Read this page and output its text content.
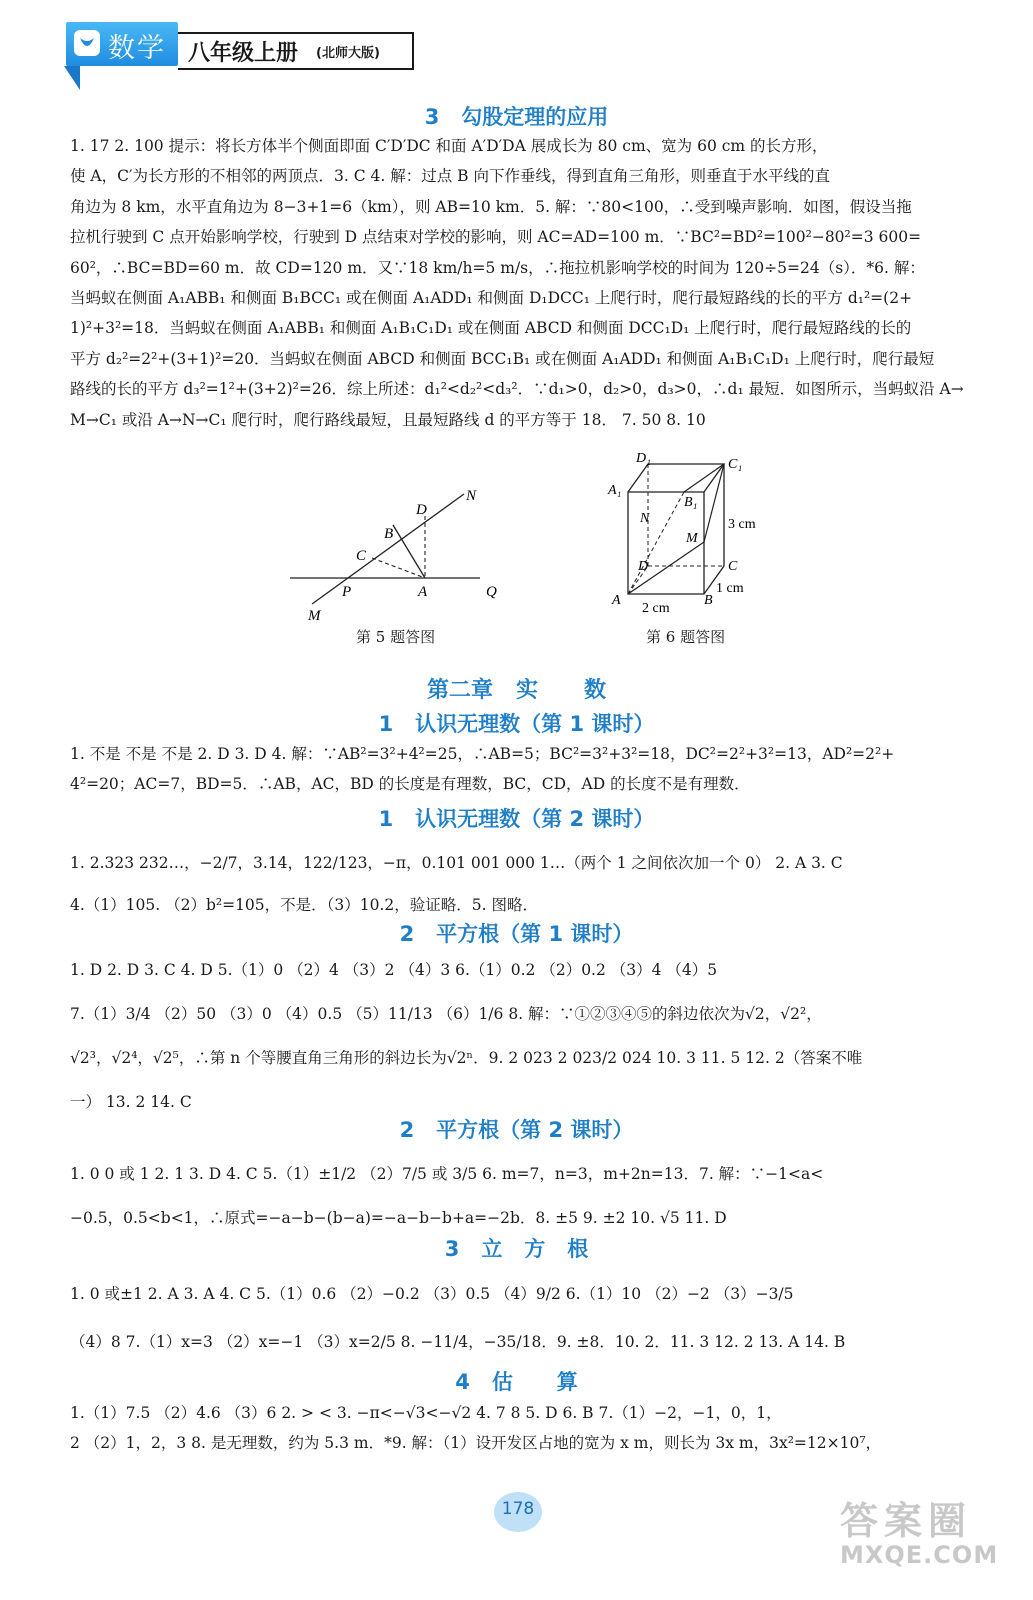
数学 八年级上册 (北师大版)
3   勾股定理的应用
1. 17 2. 100 提示：将长方体半个侧面即面 C′D′DC 和面 A′D′DA 展成长为 80 cm、宽为 60 cm 的长方形，
使 A，C′为长方形的不相邻的两顶点．3. C 4. 解：过点 B 向下作垂线，得到直角三角形，则垂直于水平线的直
角边为 8 km，水平直角边为 8−3+1=6（km），则 AB=10 km．5. 解：∵80<100，∴受到噪声影响．如图，假设当拖
拉机行驶到 C 点开始影响学校，行驶到 D 点结束对学校的影响，则 AC=AD=100 m．∵BC²=BD²=100²−80²=3 600=
60²，∴BC=BD=60 m．故 CD=120 m．又∵18 km/h=5 m/s，∴拖拉机影响学校的时间为 120÷5=24（s）．*6. 解：
当蚂蚁在侧面 A₁ABB₁ 和侧面 B₁BCC₁ 或在侧面 A₁ADD₁ 和侧面 D₁DCC₁ 上爬行时，爬行最短路线的长的平方 d₁²=(2+
1)²+3²=18．当蚂蚁在侧面 A₁ABB₁ 和侧面 A₁B₁C₁D₁ 或在侧面 ABCD 和侧面 DCC₁D₁ 上爬行时，爬行最短路线的长的
平方 d₂²=2²+(3+1)²=20．当蚂蚁在侧面 ABCD 和侧面 BCC₁B₁ 或在侧面 A₁ADD₁ 和侧面 A₁B₁C₁D₁ 上爬行时，爬行最短
路线的长的平方 d₃²=1²+(3+2)²=26．综上所述：d₁²<d₂²<d₃²．∵d₁>0，d₂>0，d₃>0，∴d₁ 最短．如图所示，当蚂蚁沿 A→
M→C₁ 或沿 A→N→C₁ 爬行时，爬行路线最短，且最短路线 d 的平方等于 18． 7. 50 8. 10
N
D
B
C
P	A	Q
M
第 5 题答图
D₁	C₁
A₁
B₁
N
M
D	C
A	B
3 cm
1 cm
2 cm
第 6 题答图
第二章   实      数
1   认识无理数（第 1 课时）
1. 不是 不是 不是 2. D 3. D 4. 解：∵AB²=3²+4²=25，∴AB=5；BC²=3²+3²=18，DC²=2²+3²=13，AD²=2²+
4²=20；AC=7，BD=5．∴AB，AC，BD 的长度是有理数，BC，CD，AD 的长度不是有理数．
1   认识无理数（第 2 课时）
1. 2.323 232…，−2/7，3.14，122/123，−π，0.101 001 000 1…（两个 1 之间依次加一个 0） 2. A 3. C
4.（1）105. （2）b²=105，不是．（3）10.2，验证略．5. 图略．
2   平方根（第 1 课时）
1. D 2. D 3. C 4. D 5.（1）0 （2）4 （3）2 （4）3 6.（1）0.2 （2）0.2 （3）4 （4）5
7.（1）3/4 （2）50 （3）0 （4）0.5 （5）11/13 （6）1/6 8. 解：∵①②③④⑤的斜边依次为√2，√2²，
√2³，√2⁴，√2⁵，∴第 n 个等腰直角三角形的斜边长为√2ⁿ．9. 2 023 2 023/2 024 10. 3 11. 5 12. 2（答案不唯
一） 13. 2 14. C
2   平方根（第 2 课时）
1. 0 0 或 1 2. 1 3. D 4. C 5.（1）±1/2 （2）7/5 或 3/5 6. m=7，n=3，m+2n=13．7. 解：∵−1<a<
−0.5，0.5<b<1，∴原式=−a−b−(b−a)=−a−b−b+a=−2b．8. ±5 9. ±2 10. √5 11. D
3   立   方   根
1. 0 或±1 2. A 3. A 4. C 5.（1）0.6 （2）−0.2 （3）0.5 （4）9/2 6.（1）10 （2）−2 （3）−3/5
（4）8 7.（1）x=3 （2）x=−1 （3）x=2/5 8. −11/4，−35/18．9. ±8．10. 2．11. 3 12. 2 13. A 14. B
4   估      算
1.（1）7.5 （2）4.6 （3）6 2. > < 3. −π<−√3<−√2 4. 7 8 5. D 6. B 7.（1）−2，−1，0，1，
2 （2）1，2，3 8. 是无理数，约为 5.3 m．*9. 解：（1）设开发区占地的宽为 x m，则长为 3x m，3x²=12×10⁷，
178	答案圈
MXQE.COM
